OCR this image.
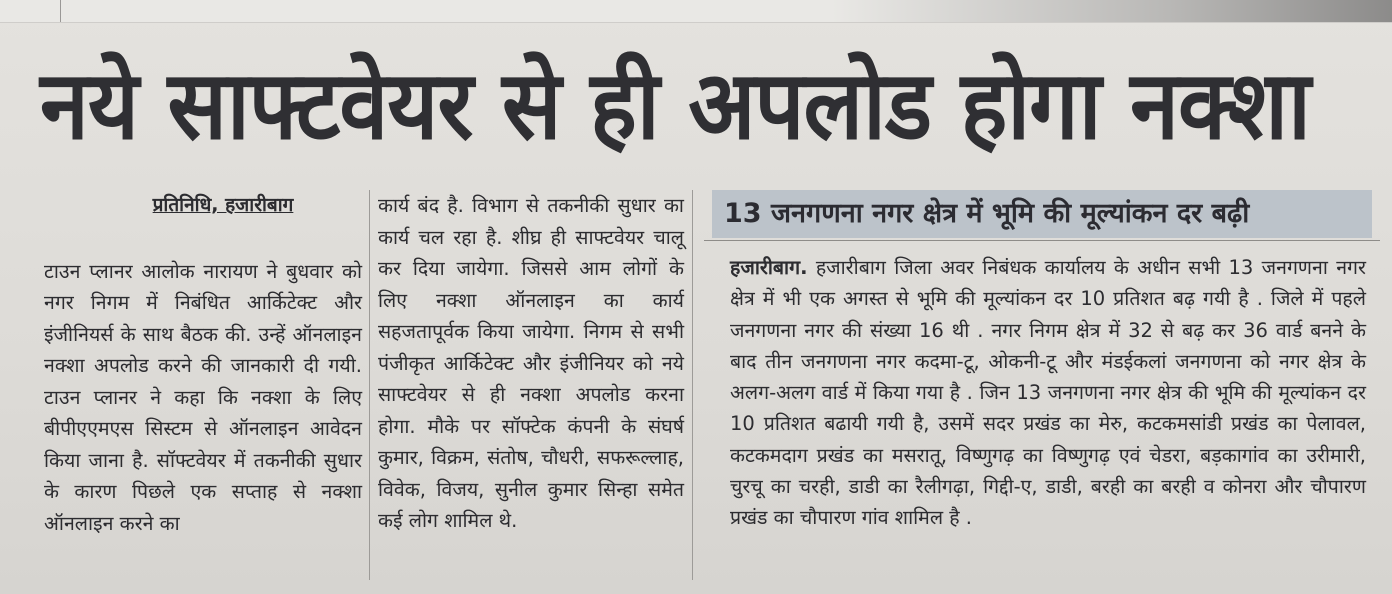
नये साफ्टवेयर से ही अपलोड होगा नक्शा

प्रतिनिधि, हजारीबाग

टाउन प्लानर आलोक नारायण ने बुधवार को नगर निगम में निबंधित आर्किटेक्ट और इंजीनियर्स के साथ बैठक की. उन्हें ऑनलाइन नक्शा अपलोड करने की जानकारी दी गयी. टाउन प्लानर ने कहा कि नक्शा के लिए बीपीएएमएस सिस्टम से ऑनलाइन आवेदन किया जाना है. सॉफ्टवेयर में तकनीकी सुधार के कारण पिछले एक सप्ताह से नक्शा ऑनलाइन करने का

कार्य बंद है. विभाग से तकनीकी सुधार का कार्य चल रहा है. शीघ्र ही साफ्टवेयर चालू कर दिया जायेगा. जिससे आम लोगों के लिए नक्शा ऑनलाइन का कार्य सहजतापूर्वक किया जायेगा. निगम से सभी पंजीकृत आर्किटेक्ट और इंजीनियर को नये साफ्टवेयर से ही नक्शा अपलोड करना होगा. मौके पर सॉफ्टेक कंपनी के संघर्ष कुमार, विक्रम, संतोष, चौधरी, सफरूल्लाह, विवेक, विजय, सुनील कुमार सिन्हा समेत कई लोग शामिल थे.

13 जनगणना नगर क्षेत्र में भूमि की मूल्यांकन दर बढ़ी

हजारीबाग. हजारीबाग जिला अवर निबंधक कार्यालय के अधीन सभी 13 जनगणना नगर क्षेत्र में भी एक अगस्त से भूमि की मूल्यांकन दर 10 प्रतिशत बढ़ गयी है . जिले में पहले जनगणना नगर की संख्या 16 थी . नगर निगम क्षेत्र में 32 से बढ़ कर 36 वार्ड बनने के बाद तीन जनगणना नगर कदमा-टू, ओकनी-टू और मंडईकलां जनगणना को नगर क्षेत्र के अलग-अलग वार्ड में किया गया है . जिन 13 जनगणना नगर क्षेत्र की भूमि की मूल्यांकन दर 10 प्रतिशत बढायी गयी है, उसमें सदर प्रखंड का मेरु, कटकमसांडी प्रखंड का पेलावल, कटकमदाग प्रखंड का मसरातू, विष्णुगढ़ का विष्णुगढ़ एवं चेडरा, बड़कागांव का उरीमारी, चुरचू का चरही, डाडी का रैलीगढ़ा, गिद्दी-ए, डाडी, बरही का बरही व कोनरा और चौपारण प्रखंड का चौपारण गांव शामिल है .
